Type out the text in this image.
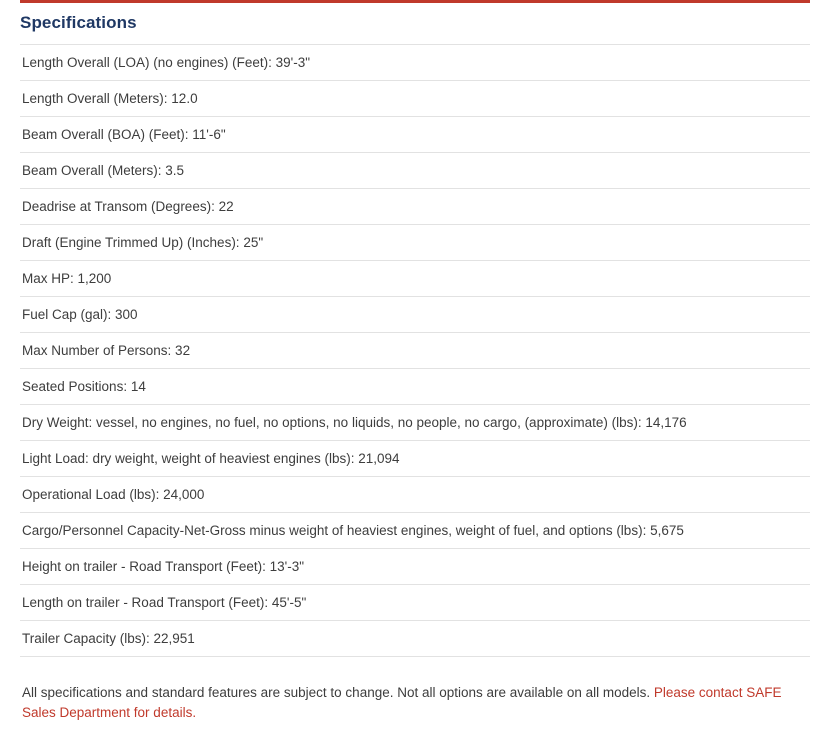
Specifications
Length Overall (LOA) (no engines) (Feet): 39'-3"
Length Overall (Meters): 12.0
Beam Overall (BOA) (Feet): 11'-6"
Beam Overall (Meters): 3.5
Deadrise at Transom (Degrees): 22
Draft (Engine Trimmed Up) (Inches): 25"
Max HP: 1,200
Fuel Cap (gal): 300
Max Number of Persons: 32
Seated Positions: 14
Dry Weight: vessel, no engines, no fuel, no options, no liquids, no people, no cargo, (approximate) (lbs): 14,176
Light Load: dry weight, weight of heaviest engines (lbs): 21,094
Operational Load (lbs): 24,000
Cargo/Personnel Capacity-Net-Gross minus weight of heaviest engines, weight of fuel, and options (lbs): 5,675
Height on trailer - Road Transport (Feet): 13'-3"
Length on trailer - Road Transport (Feet): 45'-5"
Trailer Capacity (lbs): 22,951

All specifications and standard features are subject to change. Not all options are available on all models. Please contact SAFE Sales Department for details.
